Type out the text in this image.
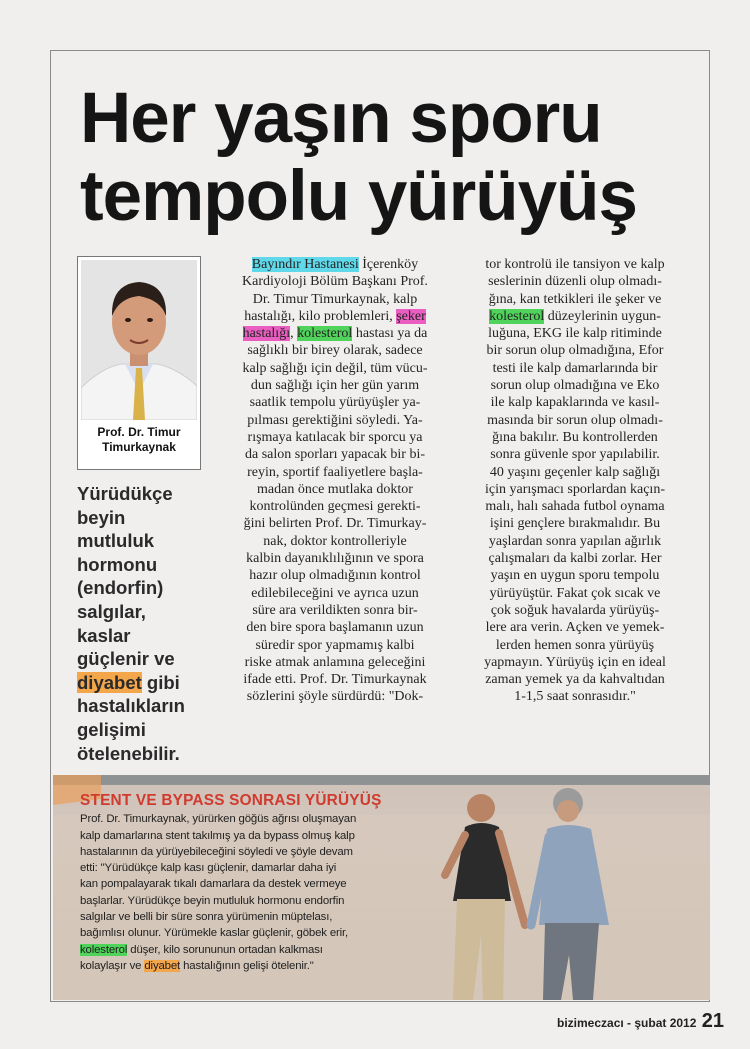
Her yaşın sporu
tempolu yürüyüş
Prof. Dr. Timur
Timurkaynak
Yürüdükçe
beyin
mutluluk
hormonu
(endorfin)
salgılar,
kaslar
güçlenir ve
diyabet gibi
hastalıkların
gelişimi
ötelenebilir.
Bayındır Hastanesi İçerenköy
Kardiyoloji Bölüm Başkanı Prof.
Dr. Timur Timurkaynak, kalp
hastalığı, kilo problemleri, şeker
hastalığı, kolesterol hastası ya da
sağlıklı bir birey olarak, sadece
kalp sağlığı için değil, tüm vücu-
dun sağlığı için her gün yarım
saatlik tempolu yürüyüşler ya-
pılması gerektiğini söyledi. Ya-
rışmaya katılacak bir sporcu ya
da salon sporları yapacak bir bi-
reyin, sportif faaliyetlere başla-
madan önce mutlaka doktor
kontrolünden geçmesi gerekti-
ğini belirten Prof. Dr. Timurkay-
nak, doktor kontrolleriyle
kalbin dayanıklılığının ve spora
hazır olup olmadığının kontrol
edilebileceğini ve ayrıca uzun
süre ara verildikten sonra bir-
den bire spora başlamanın uzun
süredir spor yapmamış kalbi
riske atmak anlamına geleceğini
ifade etti. Prof. Dr. Timurkaynak
sözlerini şöyle sürdürdü: "Dok-
tor kontrolü ile tansiyon ve kalp
seslerinin düzenli olup olmadı-
ğına, kan tetkikleri ile şeker ve
kolesterol düzeylerinin uygun-
luğuna, EKG ile kalp ritiminde
bir sorun olup olmadığına, Efor
testi ile kalp damarlarında bir
sorun olup olmadığına ve Eko
ile kalp kapaklarında ve kasıl-
masında bir sorun olup olmadı-
ğına bakılır. Bu kontrollerden
sonra güvenle spor yapılabilir.
40 yaşını geçenler kalp sağlığı
için yarışmacı sporlardan kaçın-
malı, halı sahada futbol oynama
işini gençlere bırakmalıdır. Bu
yaşlardan sonra yapılan ağırlık
çalışmaları da kalbi zorlar. Her
yaşın en uygun sporu tempolu
yürüyüştür. Fakat çok sıcak ve
çok soğuk havalarda yürüyüş-
lere ara verin. Açken ve yemek-
lerden hemen sonra yürüyüş
yapmayın. Yürüyüş için en ideal
zaman yemek ya da kahvaltıdan
1-1,5 saat sonrasıdır."
STENT VE BYPASS SONRASI YÜRÜYÜŞ
Prof. Dr. Timurkaynak, yürürken göğüs ağrısı oluşmayan
kalp damarlarına stent takılmış ya da bypass olmuş kalp
hastalarının da yürüyebileceğini söyledi ve şöyle devam
etti: "Yürüdükçe kalp kası güçlenir, damarlar daha iyi
kan pompalayarak tıkalı damarlara da destek vermeye
başlarlar. Yürüdükçe beyin mutluluk hormonu endorfin
salgılar ve belli bir süre sonra yürümenin müptelası,
bağımlısı olunur. Yürümekle kaslar güçlenir, göbek erir,
kolesterol düşer, kilo sorununun ortadan kalkması
kolaylaşır ve diyabet hastalığının gelişi ötelenir."
bizimeczacı - şubat 2012 21
